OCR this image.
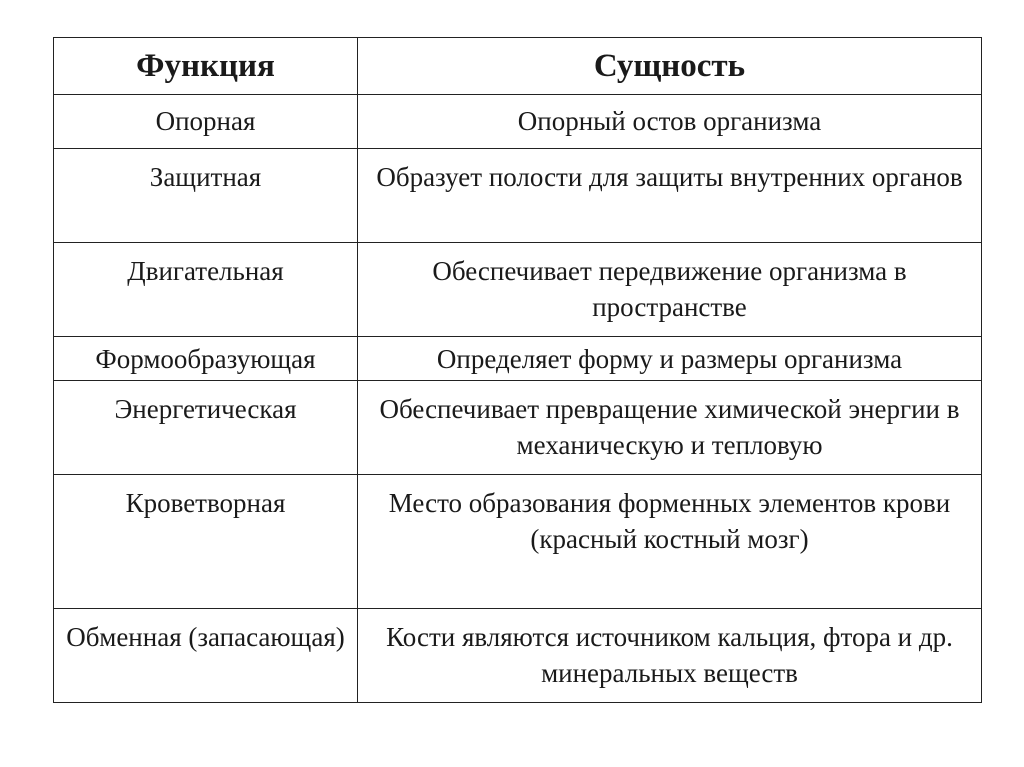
Функция	Сущность
Опорная	Опорный остов организма
Защитная	Образует полости для защиты внутренних органов
Двигательная	Обеспечивает передвижение организма в пространстве
Формообразующая	Определяет форму и размеры организма
Энергетическая	Обеспечивает превращение химической энергии в механическую и тепловую
Кроветворная	Место образования форменных элементов крови (красный костный мозг)
Обменная (запасающая)	Кости являются источником кальция, фтора и др. минеральных веществ
